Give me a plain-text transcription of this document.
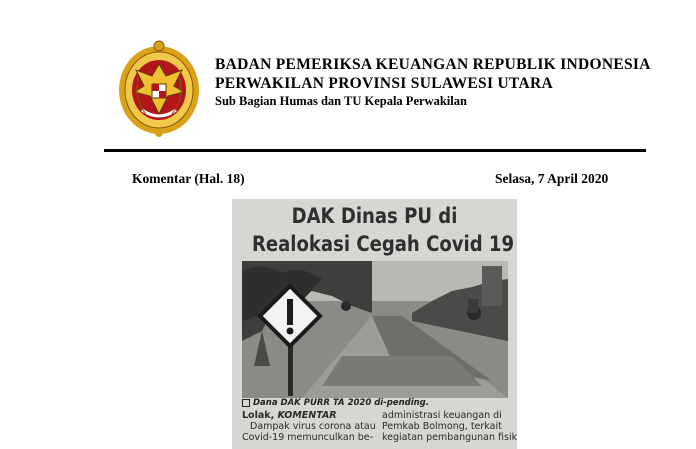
BADAN PEMERIKSA KEUANGAN REPUBLIK INDONESIA
PERWAKILAN PROVINSI SULAWESI UTARA
Sub Bagian Humas dan TU Kepala Perwakilan
Komentar (Hal. 18)	Selasa, 7 April 2020
DAK Dinas PU di
Realokasi Cegah Covid 19
Dana DAK PURR TA 2020 di-pending.
Lolak, KOMENTAR
Dampak virus corona atau
Covid-19 memunculkan be-
administrasi keuangan di
Pemkab Bolmong, terkait
kegiatan pembangunan fisik
